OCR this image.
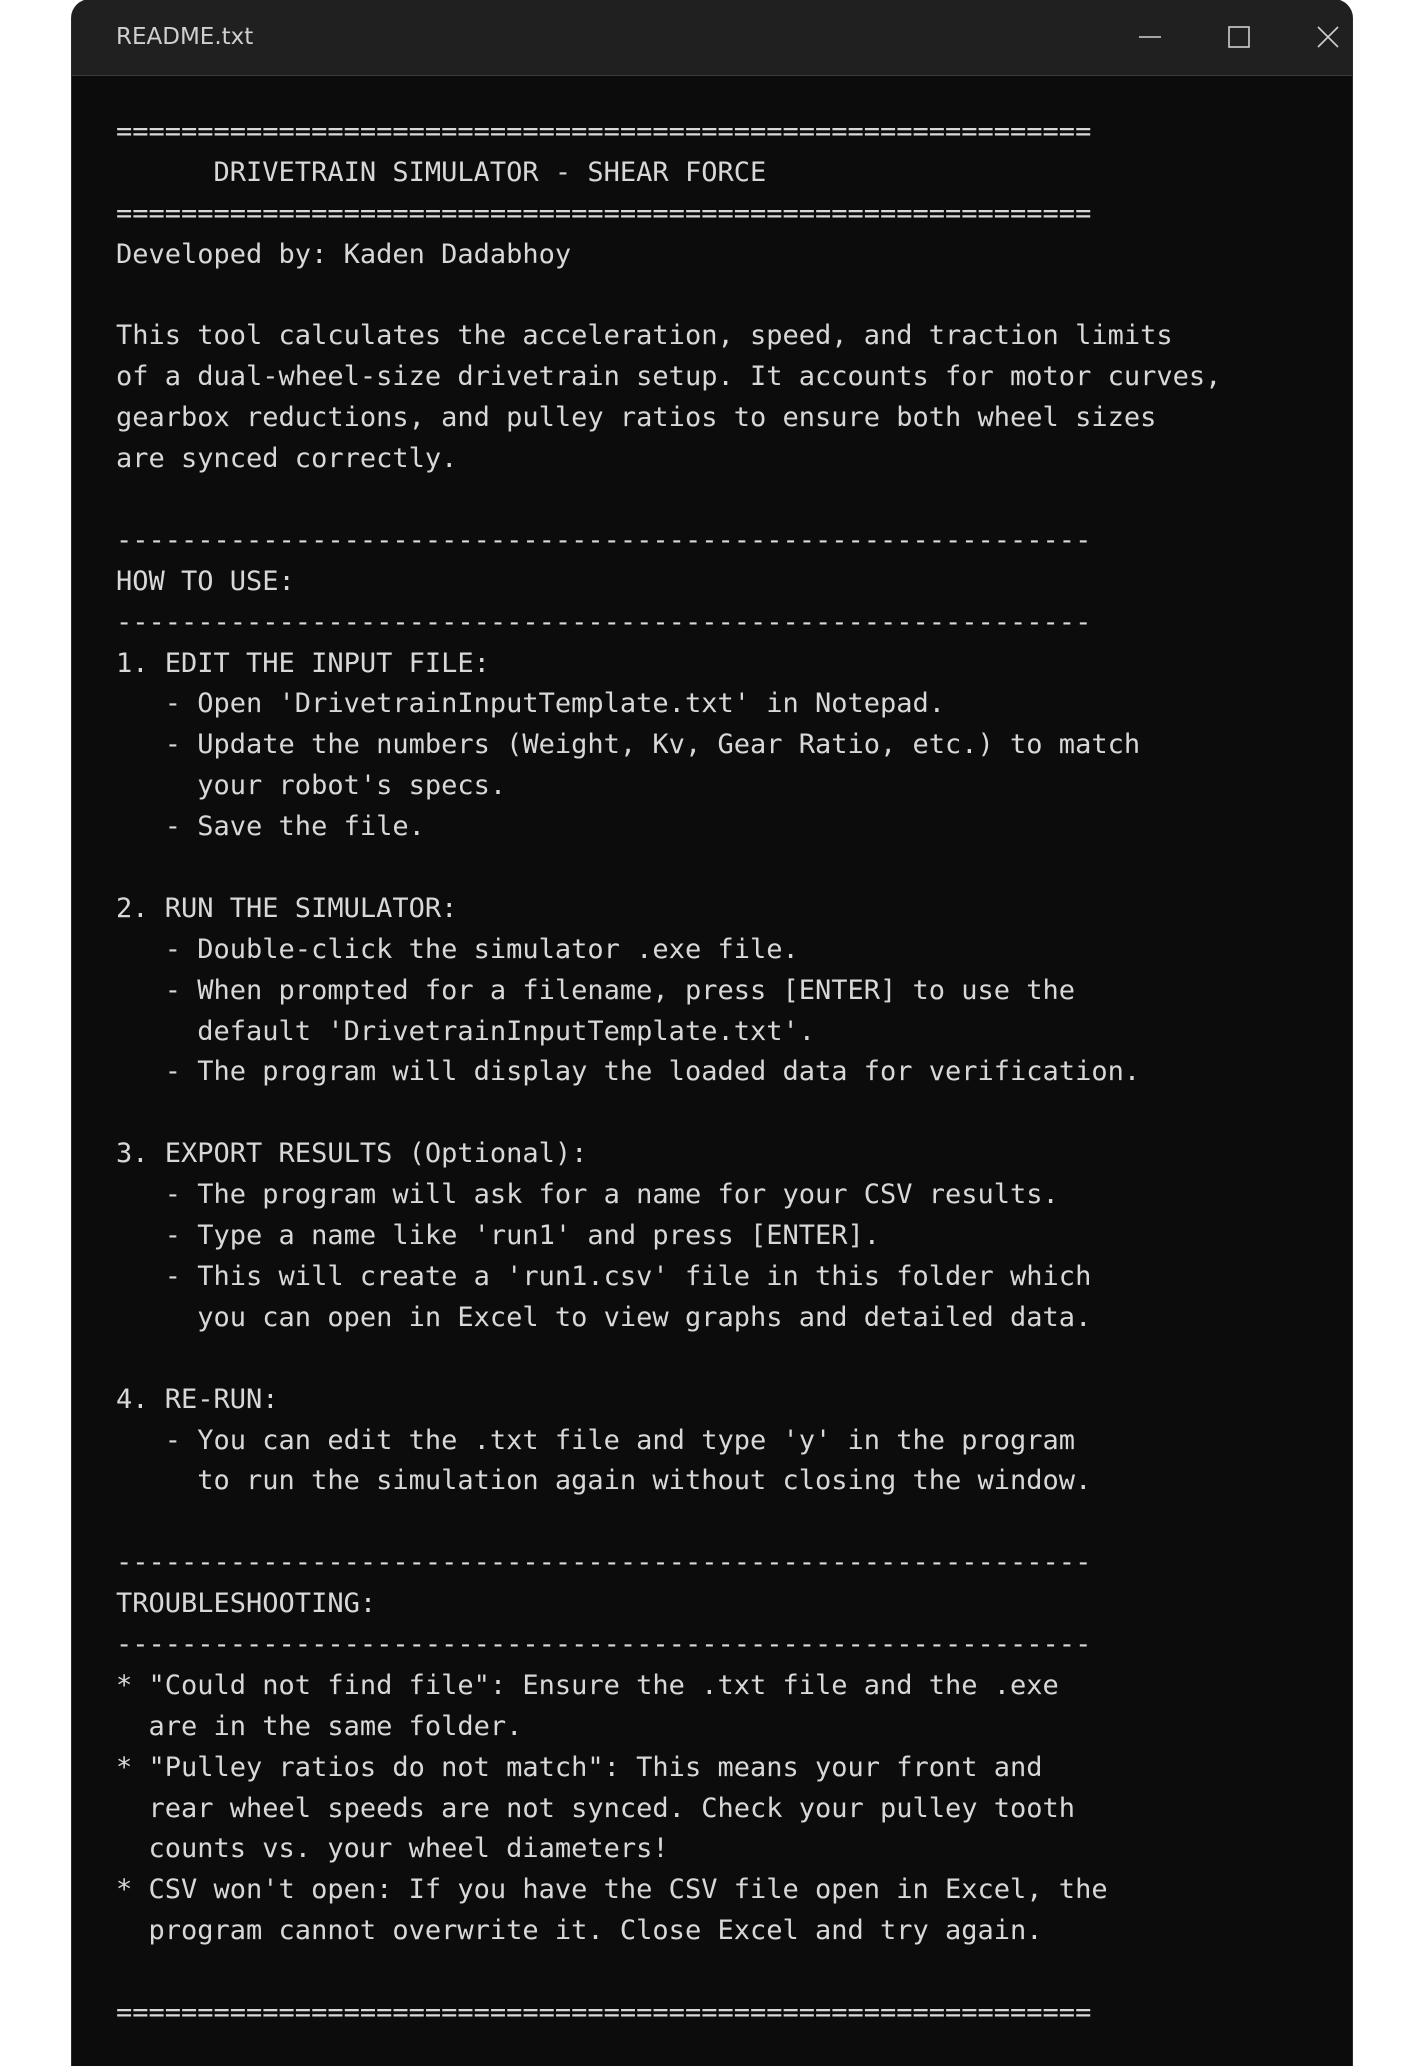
README.txt
============================================================
DRIVETRAIN SIMULATOR - SHEAR FORCE
============================================================
Developed by: Kaden Dadabhoy
This tool calculates the acceleration, speed, and traction limits
of a dual-wheel-size drivetrain setup. It accounts for motor curves,
gearbox reductions, and pulley ratios to ensure both wheel sizes
are synced correctly.
------------------------------------------------------------
HOW TO USE:
------------------------------------------------------------
1. EDIT THE INPUT FILE:
- Open 'DrivetrainInputTemplate.txt' in Notepad.
- Update the numbers (Weight, Kv, Gear Ratio, etc.) to match
your robot's specs.
- Save the file.
2. RUN THE SIMULATOR:
- Double-click the simulator .exe file.
- When prompted for a filename, press [ENTER] to use the
default 'DrivetrainInputTemplate.txt'.
- The program will display the loaded data for verification.
3. EXPORT RESULTS (Optional):
- The program will ask for a name for your CSV results.
- Type a name like 'run1' and press [ENTER].
- This will create a 'run1.csv' file in this folder which
you can open in Excel to view graphs and detailed data.
4. RE-RUN:
- You can edit the .txt file and type 'y' in the program
to run the simulation again without closing the window.
------------------------------------------------------------
TROUBLESHOOTING:
------------------------------------------------------------
* "Could not find file": Ensure the .txt file and the .exe
are in the same folder.
* "Pulley ratios do not match": This means your front and
rear wheel speeds are not synced. Check your pulley tooth
counts vs. your wheel diameters!
* CSV won't open: If you have the CSV file open in Excel, the
program cannot overwrite it. Close Excel and try again.
============================================================
